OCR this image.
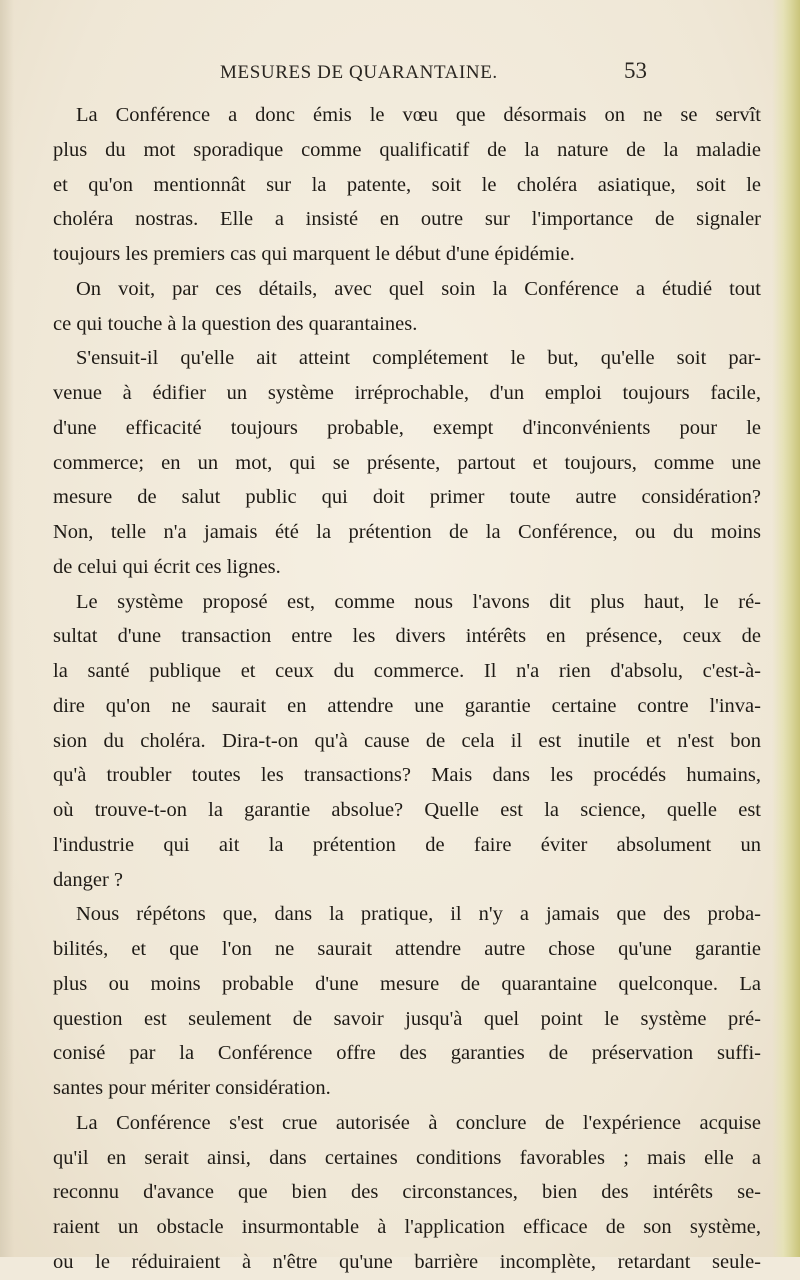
MESURES DE QUARANTAINE.	53
La Conférence a donc émis le vœu que désormais on ne se servît
plus du mot sporadique comme qualificatif de la nature de la maladie
et qu'on mentionnât sur la patente, soit le choléra asiatique, soit le
choléra nostras. Elle a insisté en outre sur l'importance de signaler
toujours les premiers cas qui marquent le début d'une épidémie.
On voit, par ces détails, avec quel soin la Conférence a étudié tout
ce qui touche à la question des quarantaines.
S'ensuit-il qu'elle ait atteint complétement le but, qu'elle soit par-
venue à édifier un système irréprochable, d'un emploi toujours facile,
d'une efficacité toujours probable, exempt d'inconvénients pour le
commerce; en un mot, qui se présente, partout et toujours, comme une
mesure de salut public qui doit primer toute autre considération?
Non, telle n'a jamais été la prétention de la Conférence, ou du moins
de celui qui écrit ces lignes.
Le système proposé est, comme nous l'avons dit plus haut, le ré-
sultat d'une transaction entre les divers intérêts en présence, ceux de
la santé publique et ceux du commerce. Il n'a rien d'absolu, c'est-à-
dire qu'on ne saurait en attendre une garantie certaine contre l'inva-
sion du choléra. Dira-t-on qu'à cause de cela il est inutile et n'est bon
qu'à troubler toutes les transactions? Mais dans les procédés humains,
où trouve-t-on la garantie absolue? Quelle est la science, quelle est
l'industrie qui ait la prétention de faire éviter absolument un
danger ?
Nous répétons que, dans la pratique, il n'y a jamais que des proba-
bilités, et que l'on ne saurait attendre autre chose qu'une garantie
plus ou moins probable d'une mesure de quarantaine quelconque. La
question est seulement de savoir jusqu'à quel point le système pré-
conisé par la Conférence offre des garanties de préservation suffi-
santes pour mériter considération.
La Conférence s'est crue autorisée à conclure de l'expérience acquise
qu'il en serait ainsi, dans certaines conditions favorables ; mais elle a
reconnu d'avance que bien des circonstances, bien des intérêts se-
raient un obstacle insurmontable à l'application efficace de son système,
ou le réduiraient à n'être qu'une barrière incomplète, retardant seule-
